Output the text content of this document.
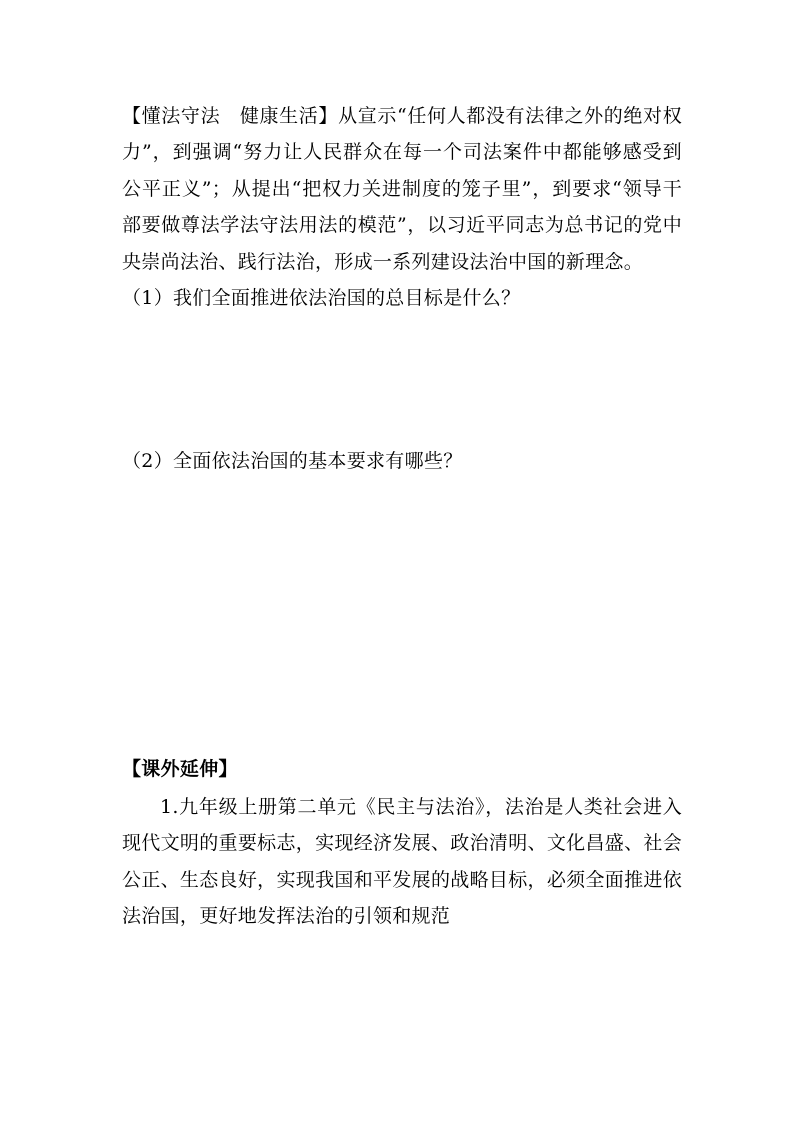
【懂法守法　健康生活】从宣示“任何人都没有法律之外的绝对权力”，到强调“努力让人民群众在每一个司法案件中都能够感受到公平正义”；从提出“把权力关进制度的笼子里”，到要求“领导干部要做尊法学法守法用法的模范”，以习近平同志为总书记的党中央崇尚法治、践行法治，形成一系列建设法治中国的新理念。

（1）我们全面推进依法治国的总目标是什么？

（2）全面依法治国的基本要求有哪些？

【课外延伸】

1.九年级上册第二单元《民主与法治》，法治是人类社会进入现代文明的重要标志，实现经济发展、政治清明、文化昌盛、社会公正、生态良好，实现我国和平发展的战略目标，必须全面推进依法治国，更好地发挥法治的引领和规范
